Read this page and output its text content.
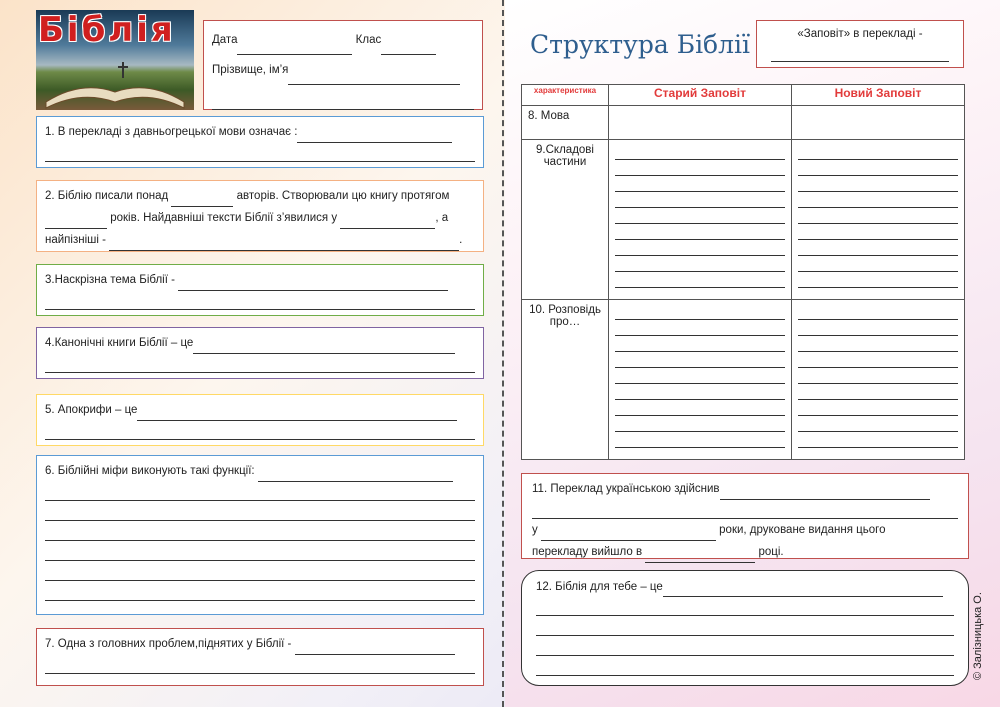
Біблія	Дата	Клас
Прізвище, ім’я
1. В перекладі з давньогрецької мови означає :
2. Біблію писали понад	авторів. Створювали цю книгу протягом
років. Найдавніші тексти Біблії з’явилися у	, а
найпізніші -	.
3.Наскрізна тема Біблії -
4.Канонічні книги Біблії – це
5. Апокрифи – це
6. Біблійні міфи виконують такі функції:
7. Одна з головних проблем,піднятих у Біблії -
Структура Біблії	«Заповіт» в перекладі -
характеристика	Старий Заповіт	Новий Заповіт
8. Мова		
9.Складові частини	

10. Розповідь про…	

11. Переклад українською здійснив
у	роки, друковане видання цього
перекладу вийшло в	році.
12. Біблія для тебе – це
© Залізницька О.
